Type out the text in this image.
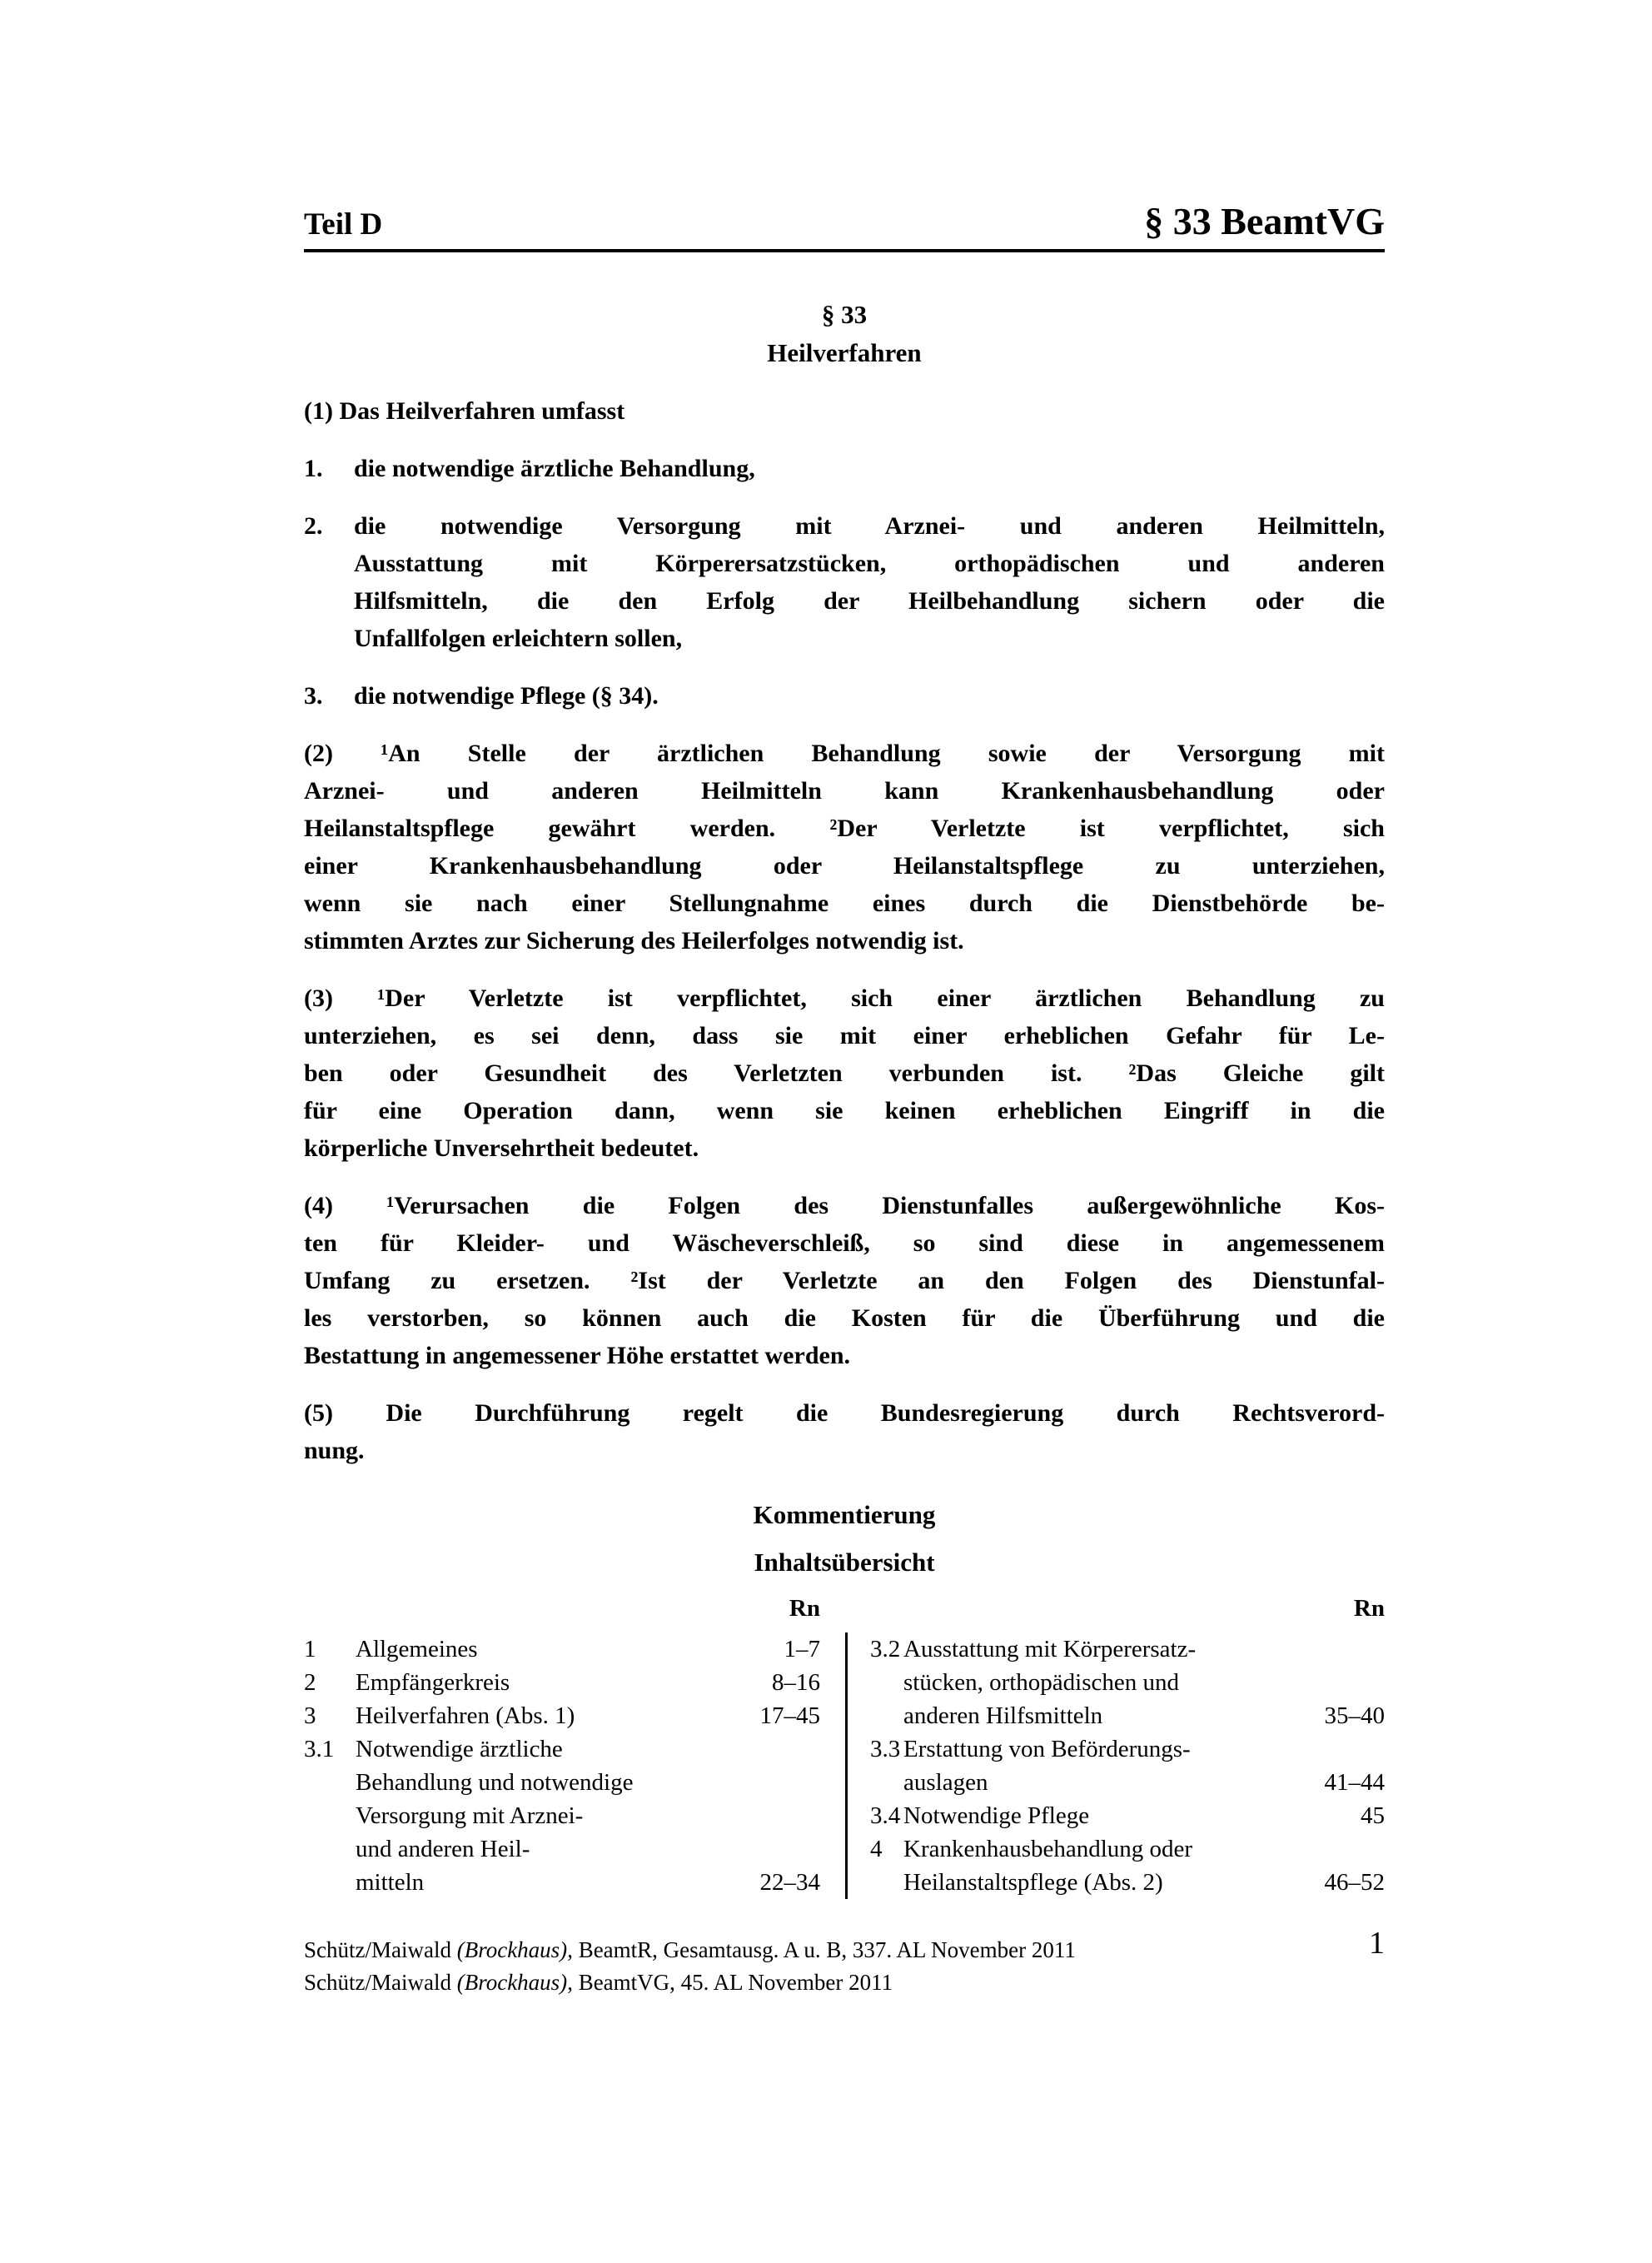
Teil D	§ 33 BeamtVG
§ 33
Heilverfahren
(1) Das Heilverfahren umfasst
1.	die notwendige ärztliche Behandlung,
2.	die notwendige Versorgung mit Arznei- und anderen Heilmitteln,
Ausstattung mit Körperersatzstücken, orthopädischen und anderen
Hilfsmitteln, die den Erfolg der Heilbehandlung sichern oder die
Unfallfolgen erleichtern sollen,
3.	die notwendige Pflege (§ 34).
(2) ¹An Stelle der ärztlichen Behandlung sowie der Versorgung mit
Arznei- und anderen Heilmitteln kann Krankenhausbehandlung oder
Heilanstaltspflege gewährt werden. ²Der Verletzte ist verpflichtet, sich
einer Krankenhausbehandlung oder Heilanstaltspflege zu unterziehen,
wenn sie nach einer Stellungnahme eines durch die Dienstbehörde be-
stimmten Arztes zur Sicherung des Heilerfolges notwendig ist.
(3) ¹Der Verletzte ist verpflichtet, sich einer ärztlichen Behandlung zu
unterziehen, es sei denn, dass sie mit einer erheblichen Gefahr für Le-
ben oder Gesundheit des Verletzten verbunden ist. ²Das Gleiche gilt
für eine Operation dann, wenn sie keinen erheblichen Eingriff in die
körperliche Unversehrtheit bedeutet.
(4) ¹Verursachen die Folgen des Dienstunfalles außergewöhnliche Kos-
ten für Kleider- und Wäscheverschleiß, so sind diese in angemessenem
Umfang zu ersetzen. ²Ist der Verletzte an den Folgen des Dienstunfal-
les verstorben, so können auch die Kosten für die Überführung und die
Bestattung in angemessener Höhe erstattet werden.
(5) Die Durchführung regelt die Bundesregierung durch Rechtsverord-
nung.
Kommentierung
Inhaltsübersicht
Rn	Rn
1	Allgemeines	1–7
2	Empfängerkreis	8–16
3	Heilverfahren (Abs. 1)	17–45
3.1 Notwendige ärztliche
Behandlung und notwendige
Versorgung mit Arznei-
und anderen Heil-
mitteln	22–34
3.2 Ausstattung mit Körperersatz-
stücken, orthopädischen und
anderen Hilfsmitteln	35–40
3.3 Erstattung von Beförderungs-
auslagen	41–44
3.4 Notwendige Pflege	45
4 Krankenhausbehandlung oder
Heilanstaltspflege (Abs. 2)	46–52
Schütz/Maiwald (Brockhaus), BeamtR, Gesamtausg. A u. B, 337. AL November 2011
Schütz/Maiwald (Brockhaus), BeamtVG, 45. AL November 2011
1
